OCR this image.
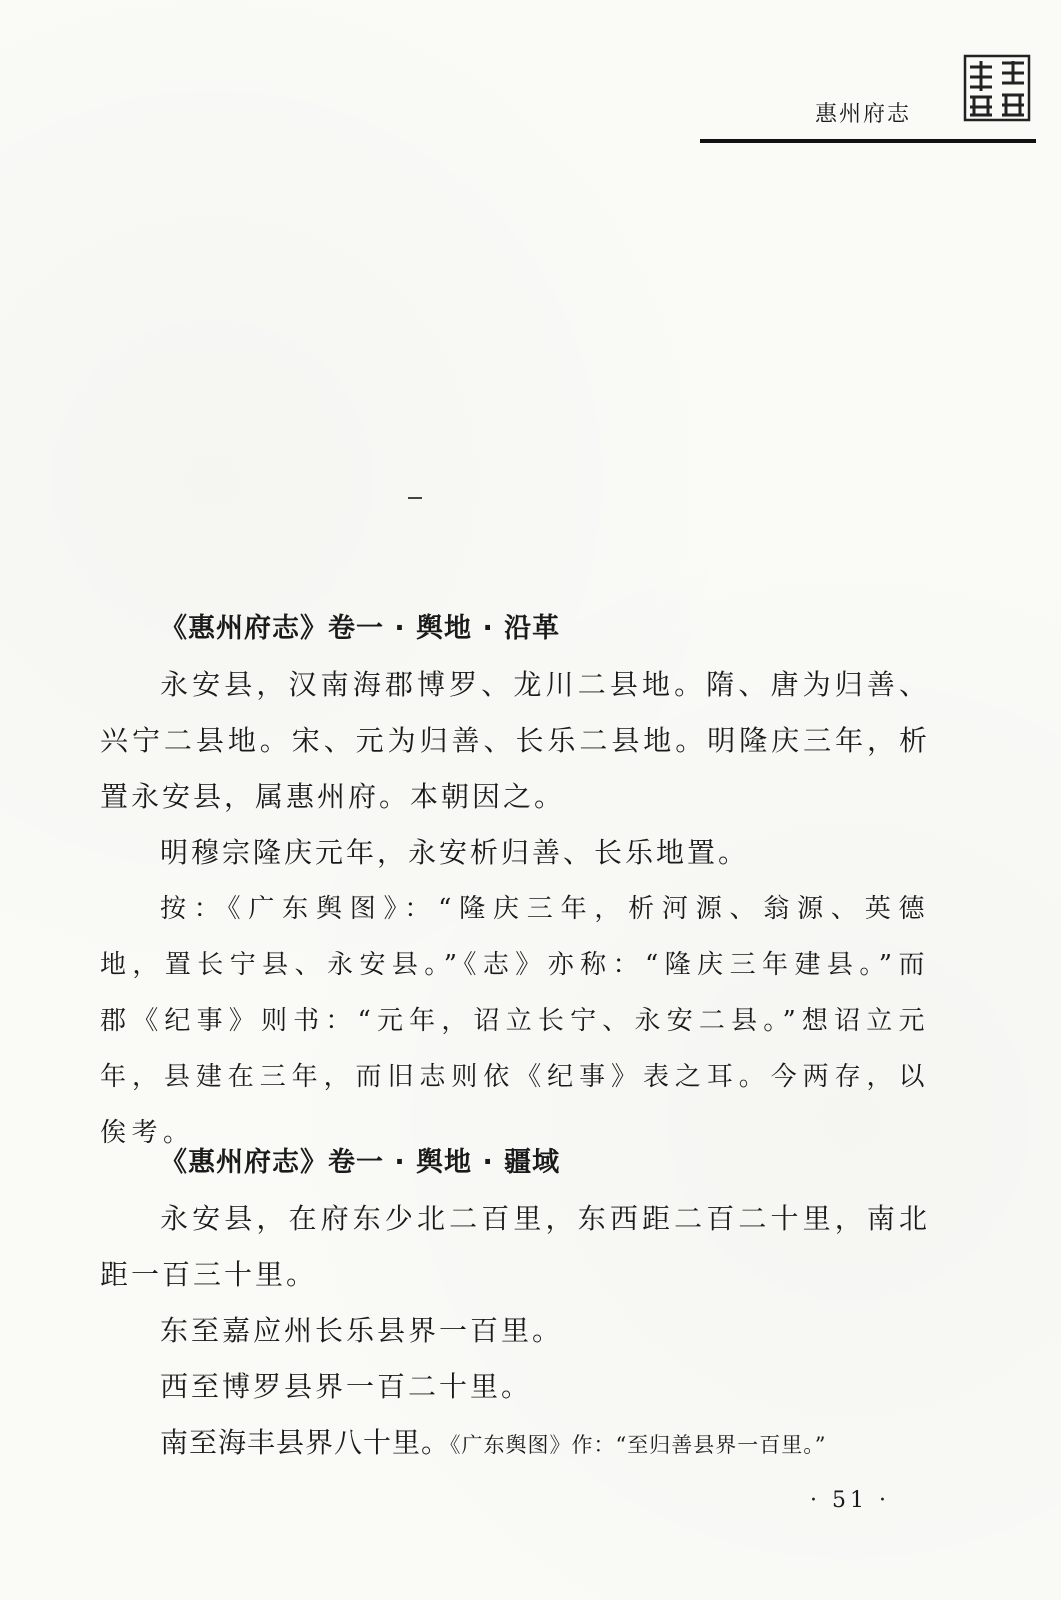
惠州府志
《惠州府志》卷一 · 舆地 · 沿革

永安县，汉南海郡博罗、龙川二县地。隋、唐为归善、兴宁二县地。宋、元为归善、长乐二县地。明隆庆三年，析置永安县，属惠州府。本朝因之。

明穆宗隆庆元年，永安析归善、长乐地置。

按：《广东舆图》：“隆庆三年，析河源、翁源、英德地，置长宁县、永安县。”《志》亦称：“隆庆三年建县。”而郡《纪事》则书：“元年，诏立长宁、永安二县。”想诏立元年，县建在三年，而旧志则依《纪事》表之耳。今两存，以俟考。

《惠州府志》卷一 · 舆地 · 疆域

永安县，在府东少北二百里，东西距二百二十里，南北距一百三十里。

东至嘉应州长乐县界一百里。

西至博罗县界一百二十里。

南至海丰县界八十里。《广东舆图》作：“至归善县界一百里。”

· 51 ·
